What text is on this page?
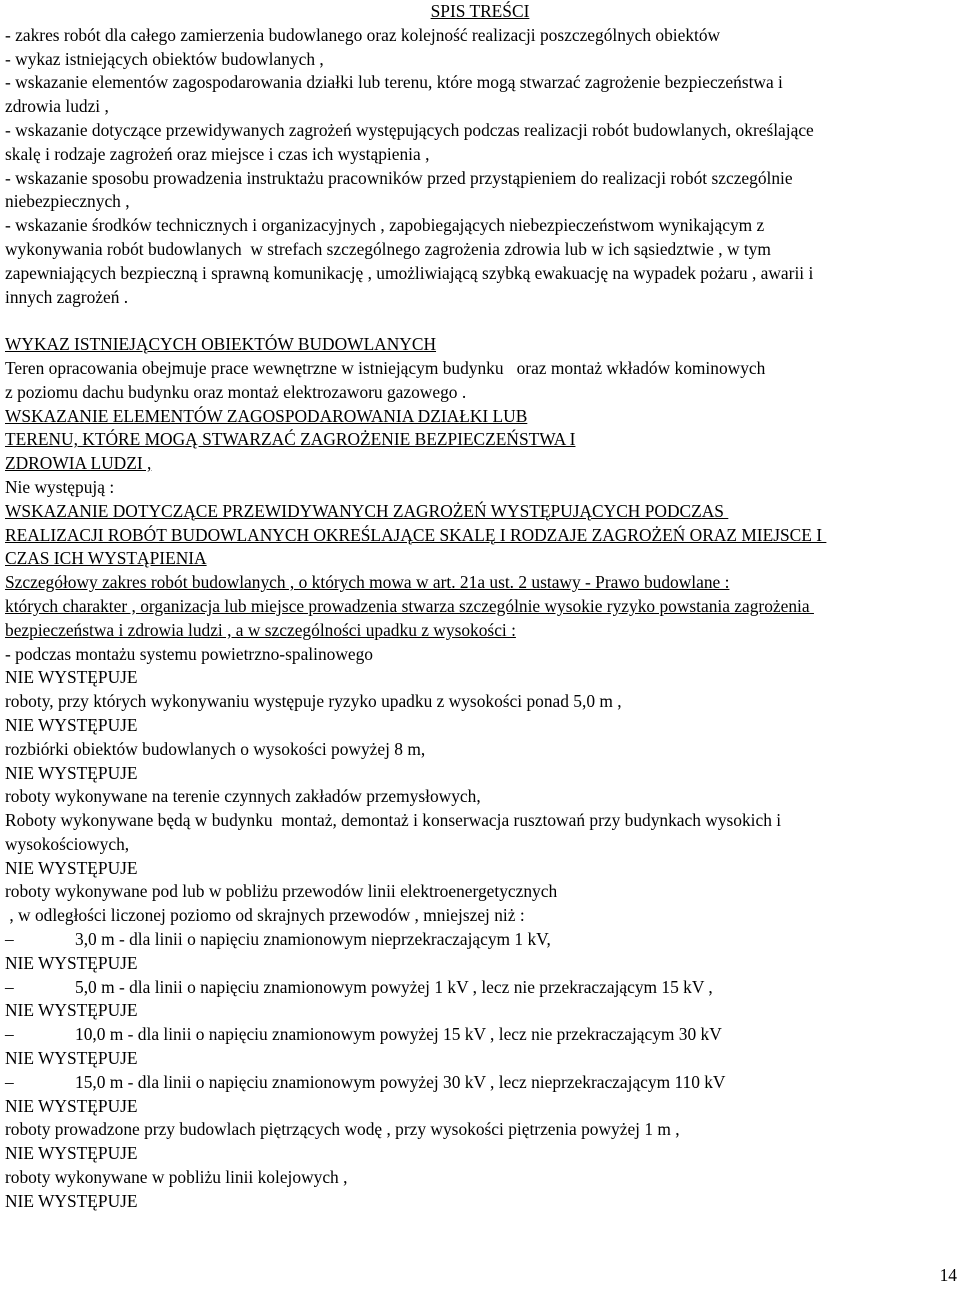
SPIS TREŚCI
- zakres robót dla całego zamierzenia budowlanego oraz kolejność realizacji poszczególnych obiektów
- wykaz istniejących obiektów budowlanych ,
- wskazanie elementów zagospodarowania działki lub terenu, które mogą stwarzać zagrożenie bezpieczeństwa i
zdrowia ludzi ,
- wskazanie dotyczące przewidywanych zagrożeń występujących podczas realizacji robót budowlanych, określające
skalę i rodzaje zagrożeń oraz miejsce i czas ich wystąpienia ,
- wskazanie sposobu prowadzenia instruktażu pracowników przed przystąpieniem do realizacji robót szczególnie
niebezpiecznych ,
- wskazanie środków technicznych i organizacyjnych , zapobiegających niebezpieczeństwom wynikającym z
wykonywania robót budowlanych  w strefach szczególnego zagrożenia zdrowia lub w ich sąsiedztwie , w tym
zapewniających bezpieczną i sprawną komunikację , umożliwiającą szybką ewakuację na wypadek pożaru , awarii i
innych zagrożeń .
WYKAZ ISTNIEJĄCYCH OBIEKTÓW BUDOWLANYCH
Teren opracowania obejmuje prace wewnętrzne w istniejącym budynku   oraz montaż wkładów kominowych
z poziomu dachu budynku oraz montaż elektrozaworu gazowego .
WSKAZANIE ELEMENTÓW ZAGOSPODAROWANIA DZIAŁKI LUB
TERENU, KTÓRE MOGĄ STWARZAĆ ZAGROŻENIE BEZPIECZEŃSTWA I
ZDROWIA LUDZI ,
Nie występują :
WSKAZANIE DOTYCZĄCE PRZEWIDYWANYCH ZAGROŻEŃ WYSTĘPUJĄCYCH PODCZAS
REALIZACJI ROBÓT BUDOWLANYCH OKREŚLAJĄCE SKALĘ I RODZAJE ZAGROŻEŃ ORAZ MIEJSCE I
CZAS ICH WYSTĄPIENIA
Szczegółowy zakres robót budowlanych , o których mowa w art. 21a ust. 2 ustawy - Prawo budowlane :
których charakter , organizacja lub miejsce prowadzenia stwarza szczególnie wysokie ryzyko powstania zagrożenia
bezpieczeństwa i zdrowia ludzi , a w szczególności upadku z wysokości :
- podczas montażu systemu powietrzno-spalinowego
NIE WYSTĘPUJE
roboty, przy których wykonywaniu występuje ryzyko upadku z wysokości ponad 5,0 m ,
NIE WYSTĘPUJE
rozbiórki obiektów budowlanych o wysokości powyżej 8 m,
NIE WYSTĘPUJE
roboty wykonywane na terenie czynnych zakładów przemysłowych,
Roboty wykonywane będą w budynku  montaż, demontaż i konserwacja rusztowań przy budynkach wysokich i
wysokościowych,
NIE WYSTĘPUJE
roboty wykonywane pod lub w pobliżu przewodów linii elektroenergetycznych
, w odległości liczonej poziomo od skrajnych przewodów , mniejszej niż :
–	3,0 m - dla linii o napięciu znamionowym nieprzekraczającym 1 kV,
NIE WYSTĘPUJE
–	5,0 m - dla linii o napięciu znamionowym powyżej 1 kV , lecz nie przekraczającym 15 kV ,
NIE WYSTĘPUJE
–	10,0 m - dla linii o napięciu znamionowym powyżej 15 kV , lecz nie przekraczającym 30 kV
NIE WYSTĘPUJE
–	15,0 m - dla linii o napięciu znamionowym powyżej 30 kV , lecz nieprzekraczającym 110 kV
NIE WYSTĘPUJE
roboty prowadzone przy budowlach piętrzących wodę , przy wysokości piętrzenia powyżej 1 m ,
NIE WYSTĘPUJE
roboty wykonywane w pobliżu linii kolejowych ,
NIE WYSTĘPUJE
14
